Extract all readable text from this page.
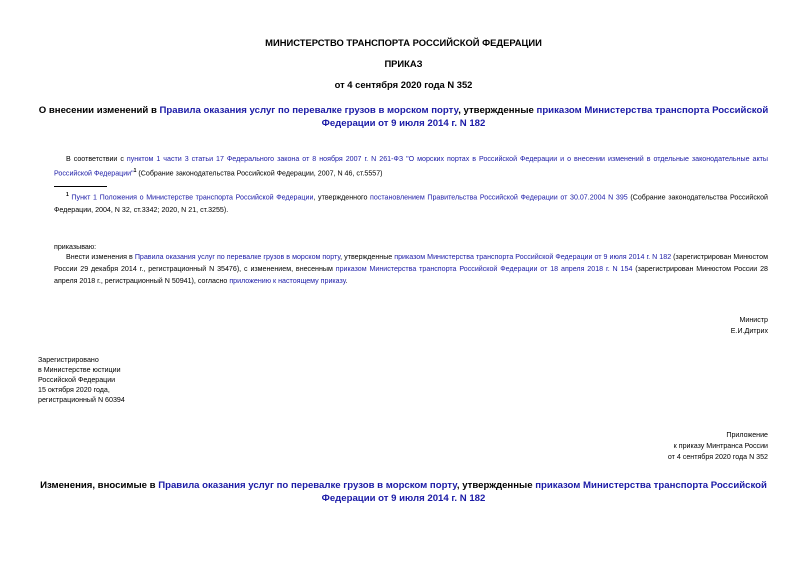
МИНИСТЕРСТВО ТРАНСПОРТА РОССИЙСКОЙ ФЕДЕРАЦИИ
ПРИКАЗ
от 4 сентября 2020 года N 352
О внесении изменений в Правила оказания услуг по перевалке грузов в морском порту, утвержденные приказом Министерства транспорта Российской Федерации от 9 июля 2014 г. N 182
В соответствии с пунктом 1 части 3 статьи 17 Федерального закона от 8 ноября 2007 г. N 261-ФЗ "О морских портах в Российской Федерации и о внесении изменений в отдельные законодательные акты Российской Федерации"$^1$ (Собрание законодательства Российской Федерации, 2007, N 46, ст.5557)
$^1$ Пункт 1 Положения о Министерстве транспорта Российской Федерации, утвержденного постановлением Правительства Российской Федерации от 30.07.2004 N 395 (Собрание законодательства Российской Федерации, 2004, N 32, ст.3342; 2020, N 21, ст.3255).
приказываю:
Внести изменения в Правила оказания услуг по перевалке грузов в морском порту, утвержденные приказом Министерства транспорта Российской Федерации от 9 июля 2014 г. N 182 (зарегистрирован Минюстом России 29 декабря 2014 г., регистрационный N 35476), с изменением, внесенным приказом Министерства транспорта Российской Федерации от 18 апреля 2018 г. N 154 (зарегистрирован Минюстом России 28 апреля 2018 г., регистрационный N 50941), согласно приложению к настоящему приказу.
Министр
Е.И.Дитрих
Зарегистрировано
в Министерстве юстиции
Российской Федерации
15 октября 2020 года,
регистрационный N 60394
Приложение
к приказу Минтранса России
от 4 сентября 2020 года N 352
Изменения, вносимые в Правила оказания услуг по перевалке грузов в морском порту, утвержденные приказом Министерства транспорта Российской Федерации от 9 июля 2014 г. N 182
